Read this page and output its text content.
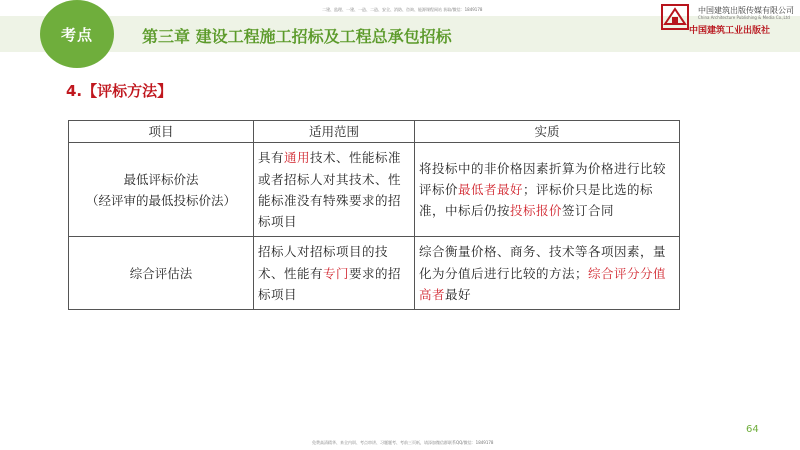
考点	第三章 建设工程施工招标及工程总承包招标
二建、监理、一建、一造、二造、安全、消防、咨询、能源课程网站 获取/微信：1849178	中国建筑出版传媒有限公司
China Architecture Publishing & Media Co.,Ltd
中国建筑工业出版社
4.【评标方法】
项目	适用范围	实质

最低评标价法
（经评审的最低投标价法）	具有通用技术、性能标准或者招标人对其技术、性能标准没有特殊要求的招标项目	将投标中的非价格因素折算为价格进行比较评标价最低者最好；评标价只是比选的标准，中标后仍按投标报价签订合同

综合评估法	招标人对招标项目的技术、性能有专门要求的招标项目	综合衡量价格、商务、技术等各项因素，量化为分值后进行比较的方法；综合评分分值高者最好
64
免费高清精华、来全内训、考点串讲、习题题考、考前三页纸，请添加微信群联系QQ/微信：1849178
